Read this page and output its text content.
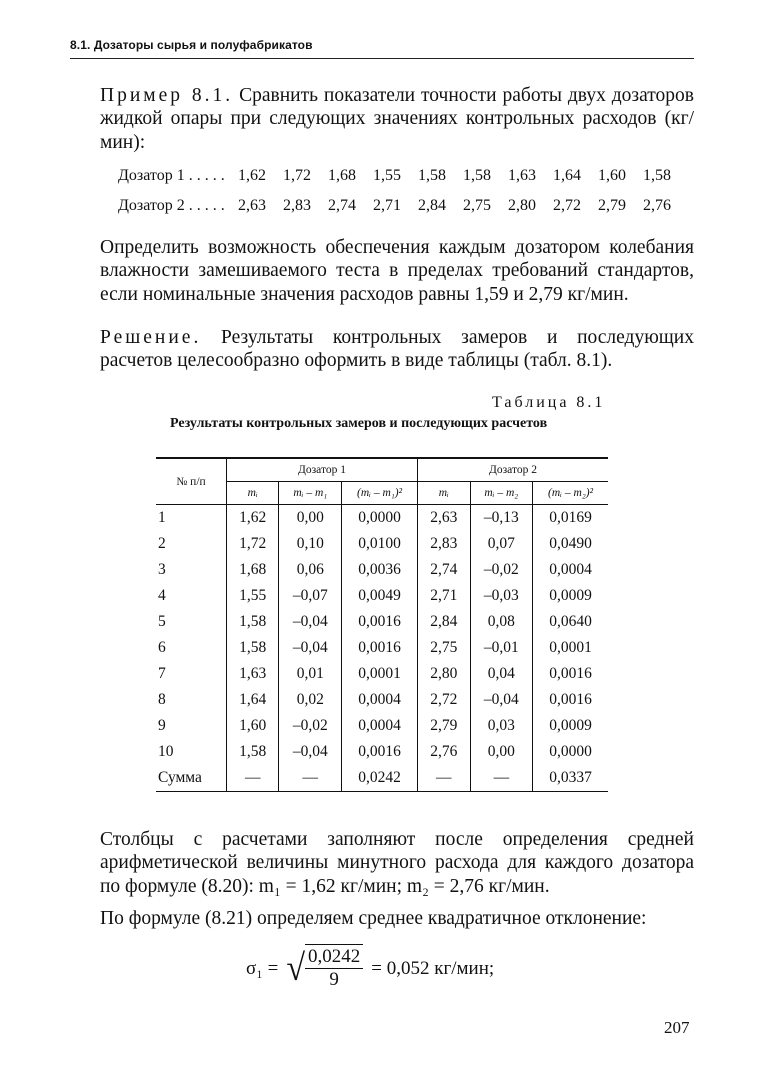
8.1. Дозаторы сырья и полуфабрикатов
Пример 8.1. Сравнить показатели точности работы двух дозаторов жидкой опары при следующих значениях контрольных расходов (кг/мин):
Дозатор 1 . . . . . 1,62 1,72 1,68 1,55 1,58 1,58 1,63 1,64 1,60 1,58
Дозатор 2 . . . . . 2,63 2,83 2,74 2,71 2,84 2,75 2,80 2,72 2,79 2,76
Определить возможность обеспечения каждым дозатором колебания влажности замешиваемого теста в пределах требований стандартов, если номинальные значения расходов равны 1,59 и 2,79 кг/мин.
Решение. Результаты контрольных замеров и последующих расчетов целесообразно оформить в виде таблицы (табл. 8.1).
Таблица 8.1
Результаты контрольных замеров и последующих расчетов
№ п/п	Дозатор 1			Дозатор 2		
	mᵢ	mᵢ – m₁	(mᵢ – m₁)²	mᵢ	mᵢ – m₂	(mᵢ – m₂)²
1	1,62	0,00	0,0000	2,63	–0,13	0,0169
2	1,72	0,10	0,0100	2,83	0,07	0,0490
3	1,68	0,06	0,0036	2,74	–0,02	0,0004
4	1,55	–0,07	0,0049	2,71	–0,03	0,0009
5	1,58	–0,04	0,0016	2,84	0,08	0,0640
6	1,58	–0,04	0,0016	2,75	–0,01	0,0001
7	1,63	0,01	0,0001	2,80	0,04	0,0016
8	1,64	0,02	0,0004	2,72	–0,04	0,0016
9	1,60	–0,02	0,0004	2,79	0,03	0,0009
10	1,58	–0,04	0,0016	2,76	0,00	0,0000
Сумма	—	—	0,0242	—	—	0,0337
Столбцы с расчетами заполняют после определения средней арифметической величины минутного расхода для каждого дозатора по формуле (8.20): m₁ = 1,62 кг/мин; m₂ = 2,76 кг/мин.
По формуле (8.21) определяем среднее квадратичное отклонение:
σ₁ = √ $\frac{0,0242}{9} = 0,052$ кг/мин;
207
